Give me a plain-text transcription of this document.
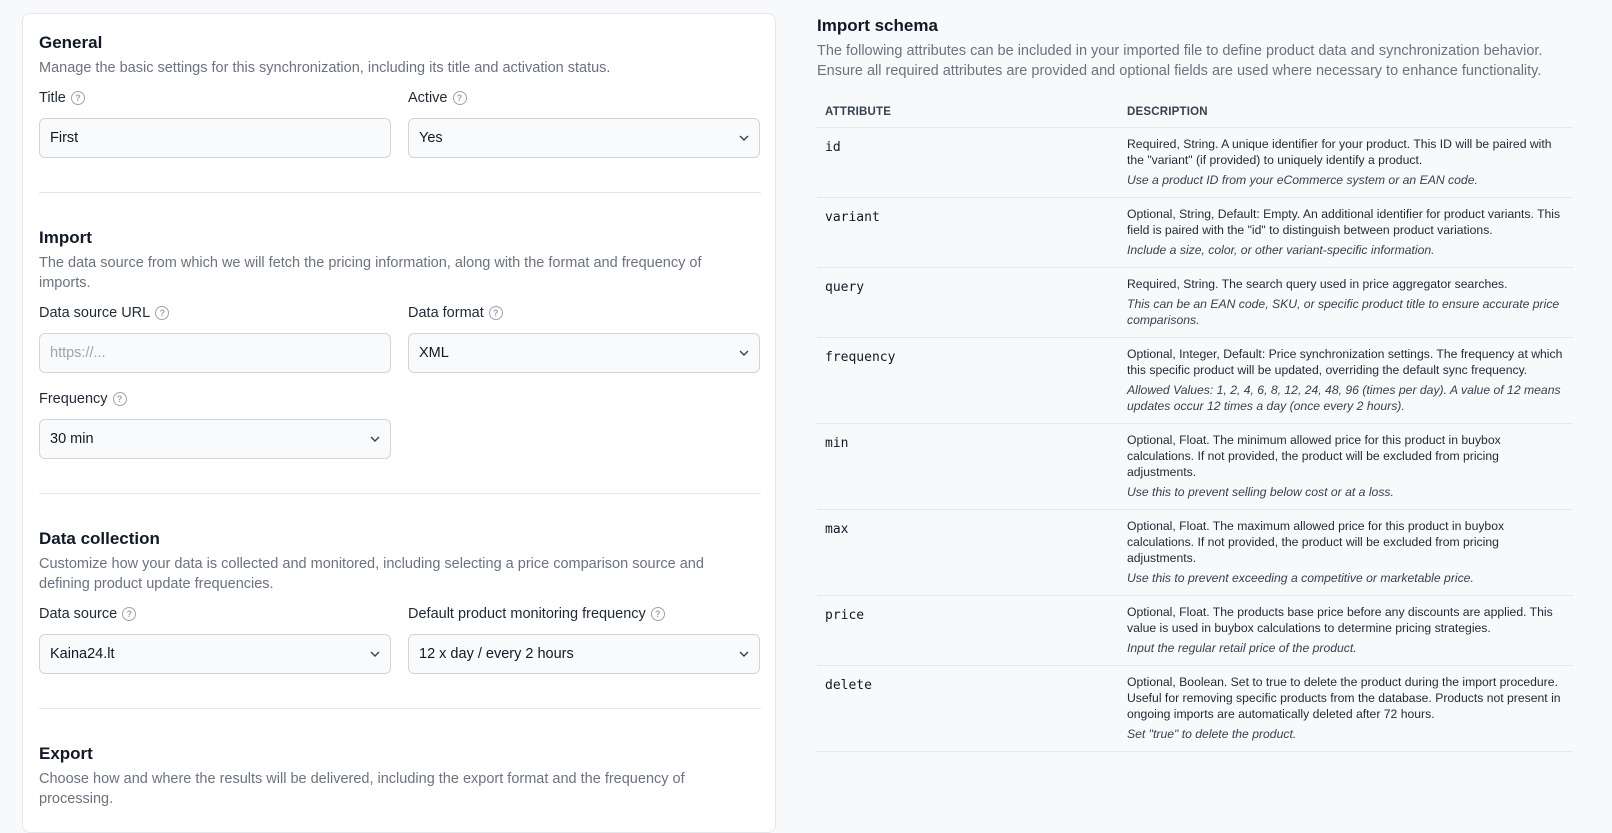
General
Manage the basic settings for this synchronization, including its title and activation status.
Title	?
First
Active	?
Yes
Import
The data source from which we will fetch the pricing information, along with the format and frequency of imports.
Data source URL	?
https://...
Data format	?
XML
Frequency	?
30 min
Data collection
Customize how your data is collected and monitored, including selecting a price comparison source and defining product update frequencies.
Data source	?
Kaina24.lt
Default product monitoring frequency	?
12 x day / every 2 hours
Export
Choose how and where the results will be delivered, including the export format and the frequency of processing.
Import schema
The following attributes can be included in your imported file to define product data and synchronization behavior. Ensure all required attributes are provided and optional fields are used where necessary to enhance functionality.
ATTRIBUTE	DESCRIPTION
id	Required, String. A unique identifier for your product. This ID will be paired with the "variant" (if provided) to uniquely identify a product.
Use a product ID from your eCommerce system or an EAN code.

variant	Optional, String, Default: Empty. An additional identifier for product variants. This field is paired with the "id" to distinguish between product variations.
Include a size, color, or other variant-specific information.

query	Required, String. The search query used in price aggregator searches.
This can be an EAN code, SKU, or specific product title to ensure accurate price comparisons.

frequency	Optional, Integer, Default: Price synchronization settings. The frequency at which this specific product will be updated, overriding the default sync frequency.
Allowed Values: 1, 2, 4, 6, 8, 12, 24, 48, 96 (times per day). A value of 12 means updates occur 12 times a day (once every 2 hours).

min	Optional, Float. The minimum allowed price for this product in buybox calculations. If not provided, the product will be excluded from pricing adjustments.
Use this to prevent selling below cost or at a loss.

max	Optional, Float. The maximum allowed price for this product in buybox calculations. If not provided, the product will be excluded from pricing adjustments.
Use this to prevent exceeding a competitive or marketable price.

price	Optional, Float. The products base price before any discounts are applied. This value is used in buybox calculations to determine pricing strategies.
Input the regular retail price of the product.

delete	Optional, Boolean. Set to true to delete the product during the import procedure. Useful for removing specific products from the database. Products not present in ongoing imports are automatically deleted after 72 hours.
Set "true" to delete the product.
